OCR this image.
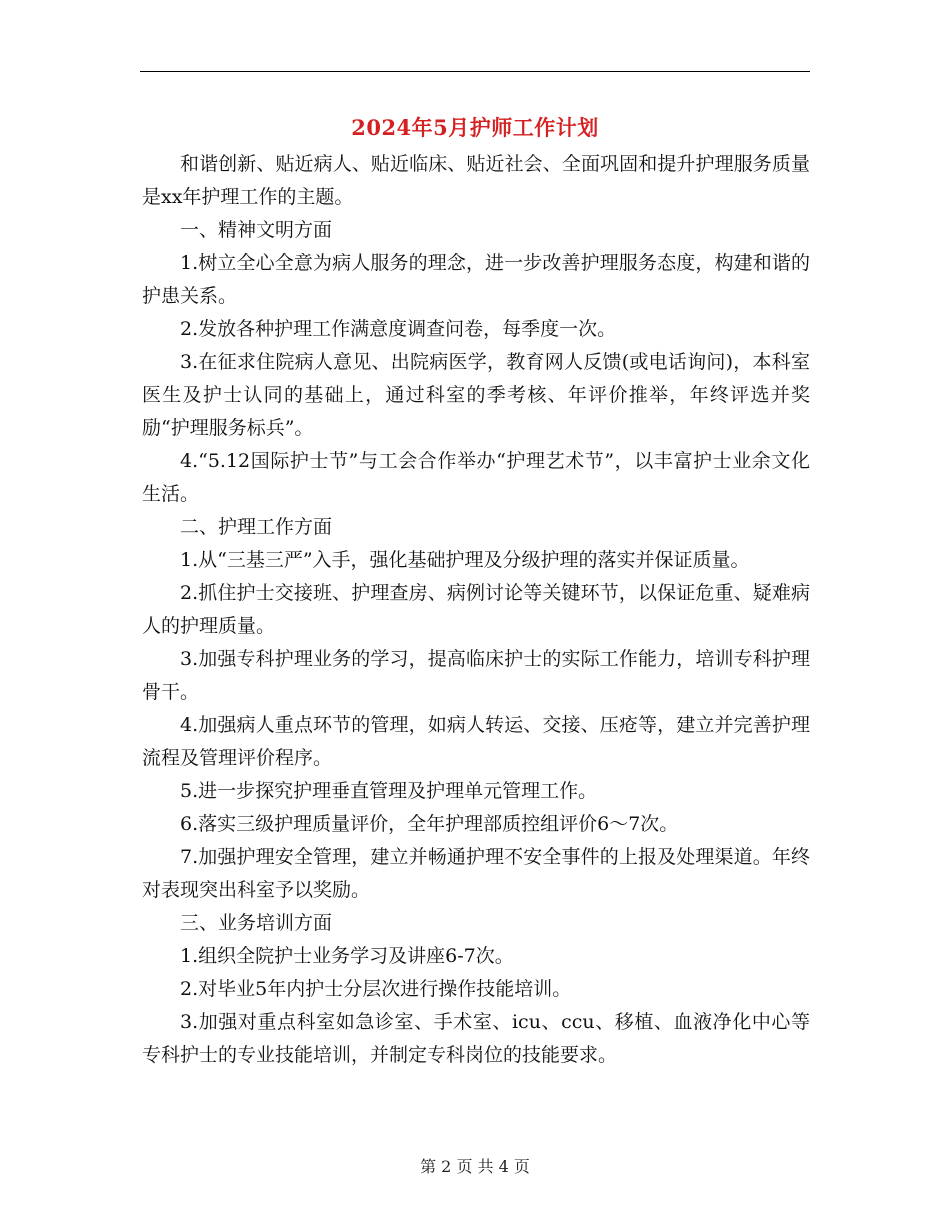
2024年5月护师工作计划

和谐创新、贴近病人、贴近临床、贴近社会、全面巩固和提升护理服务质量是xx年护理工作的主题。

一、精神文明方面

1.树立全心全意为病人服务的理念，进一步改善护理服务态度，构建和谐的护患关系。

2.发放各种护理工作满意度调查问卷，每季度一次。

3.在征求住院病人意见、出院病医学，教育网人反馈(或电话询问)，本科室医生及护士认同的基础上，通过科室的季考核、年评价推举，年终评选并奖励“护理服务标兵”。

4.“5.12国际护士节”与工会合作举办“护理艺术节”，以丰富护士业余文化生活。

二、护理工作方面

1.从“三基三严”入手，强化基础护理及分级护理的落实并保证质量。

2.抓住护士交接班、护理查房、病例讨论等关键环节，以保证危重、疑难病人的护理质量。

3.加强专科护理业务的学习，提高临床护士的实际工作能力，培训专科护理骨干。

4.加强病人重点环节的管理，如病人转运、交接、压疮等，建立并完善护理流程及管理评价程序。

5.进一步探究护理垂直管理及护理单元管理工作。

6.落实三级护理质量评价，全年护理部质控组评价6～7次。

7.加强护理安全管理，建立并畅通护理不安全事件的上报及处理渠道。年终对表现突出科室予以奖励。

三、业务培训方面

1.组织全院护士业务学习及讲座6-7次。

2.对毕业5年内护士分层次进行操作技能培训。

3.加强对重点科室如急诊室、手术室、icu、ccu、移植、血液净化中心等专科护士的专业技能培训，并制定专科岗位的技能要求。

第 2 页 共 4 页
